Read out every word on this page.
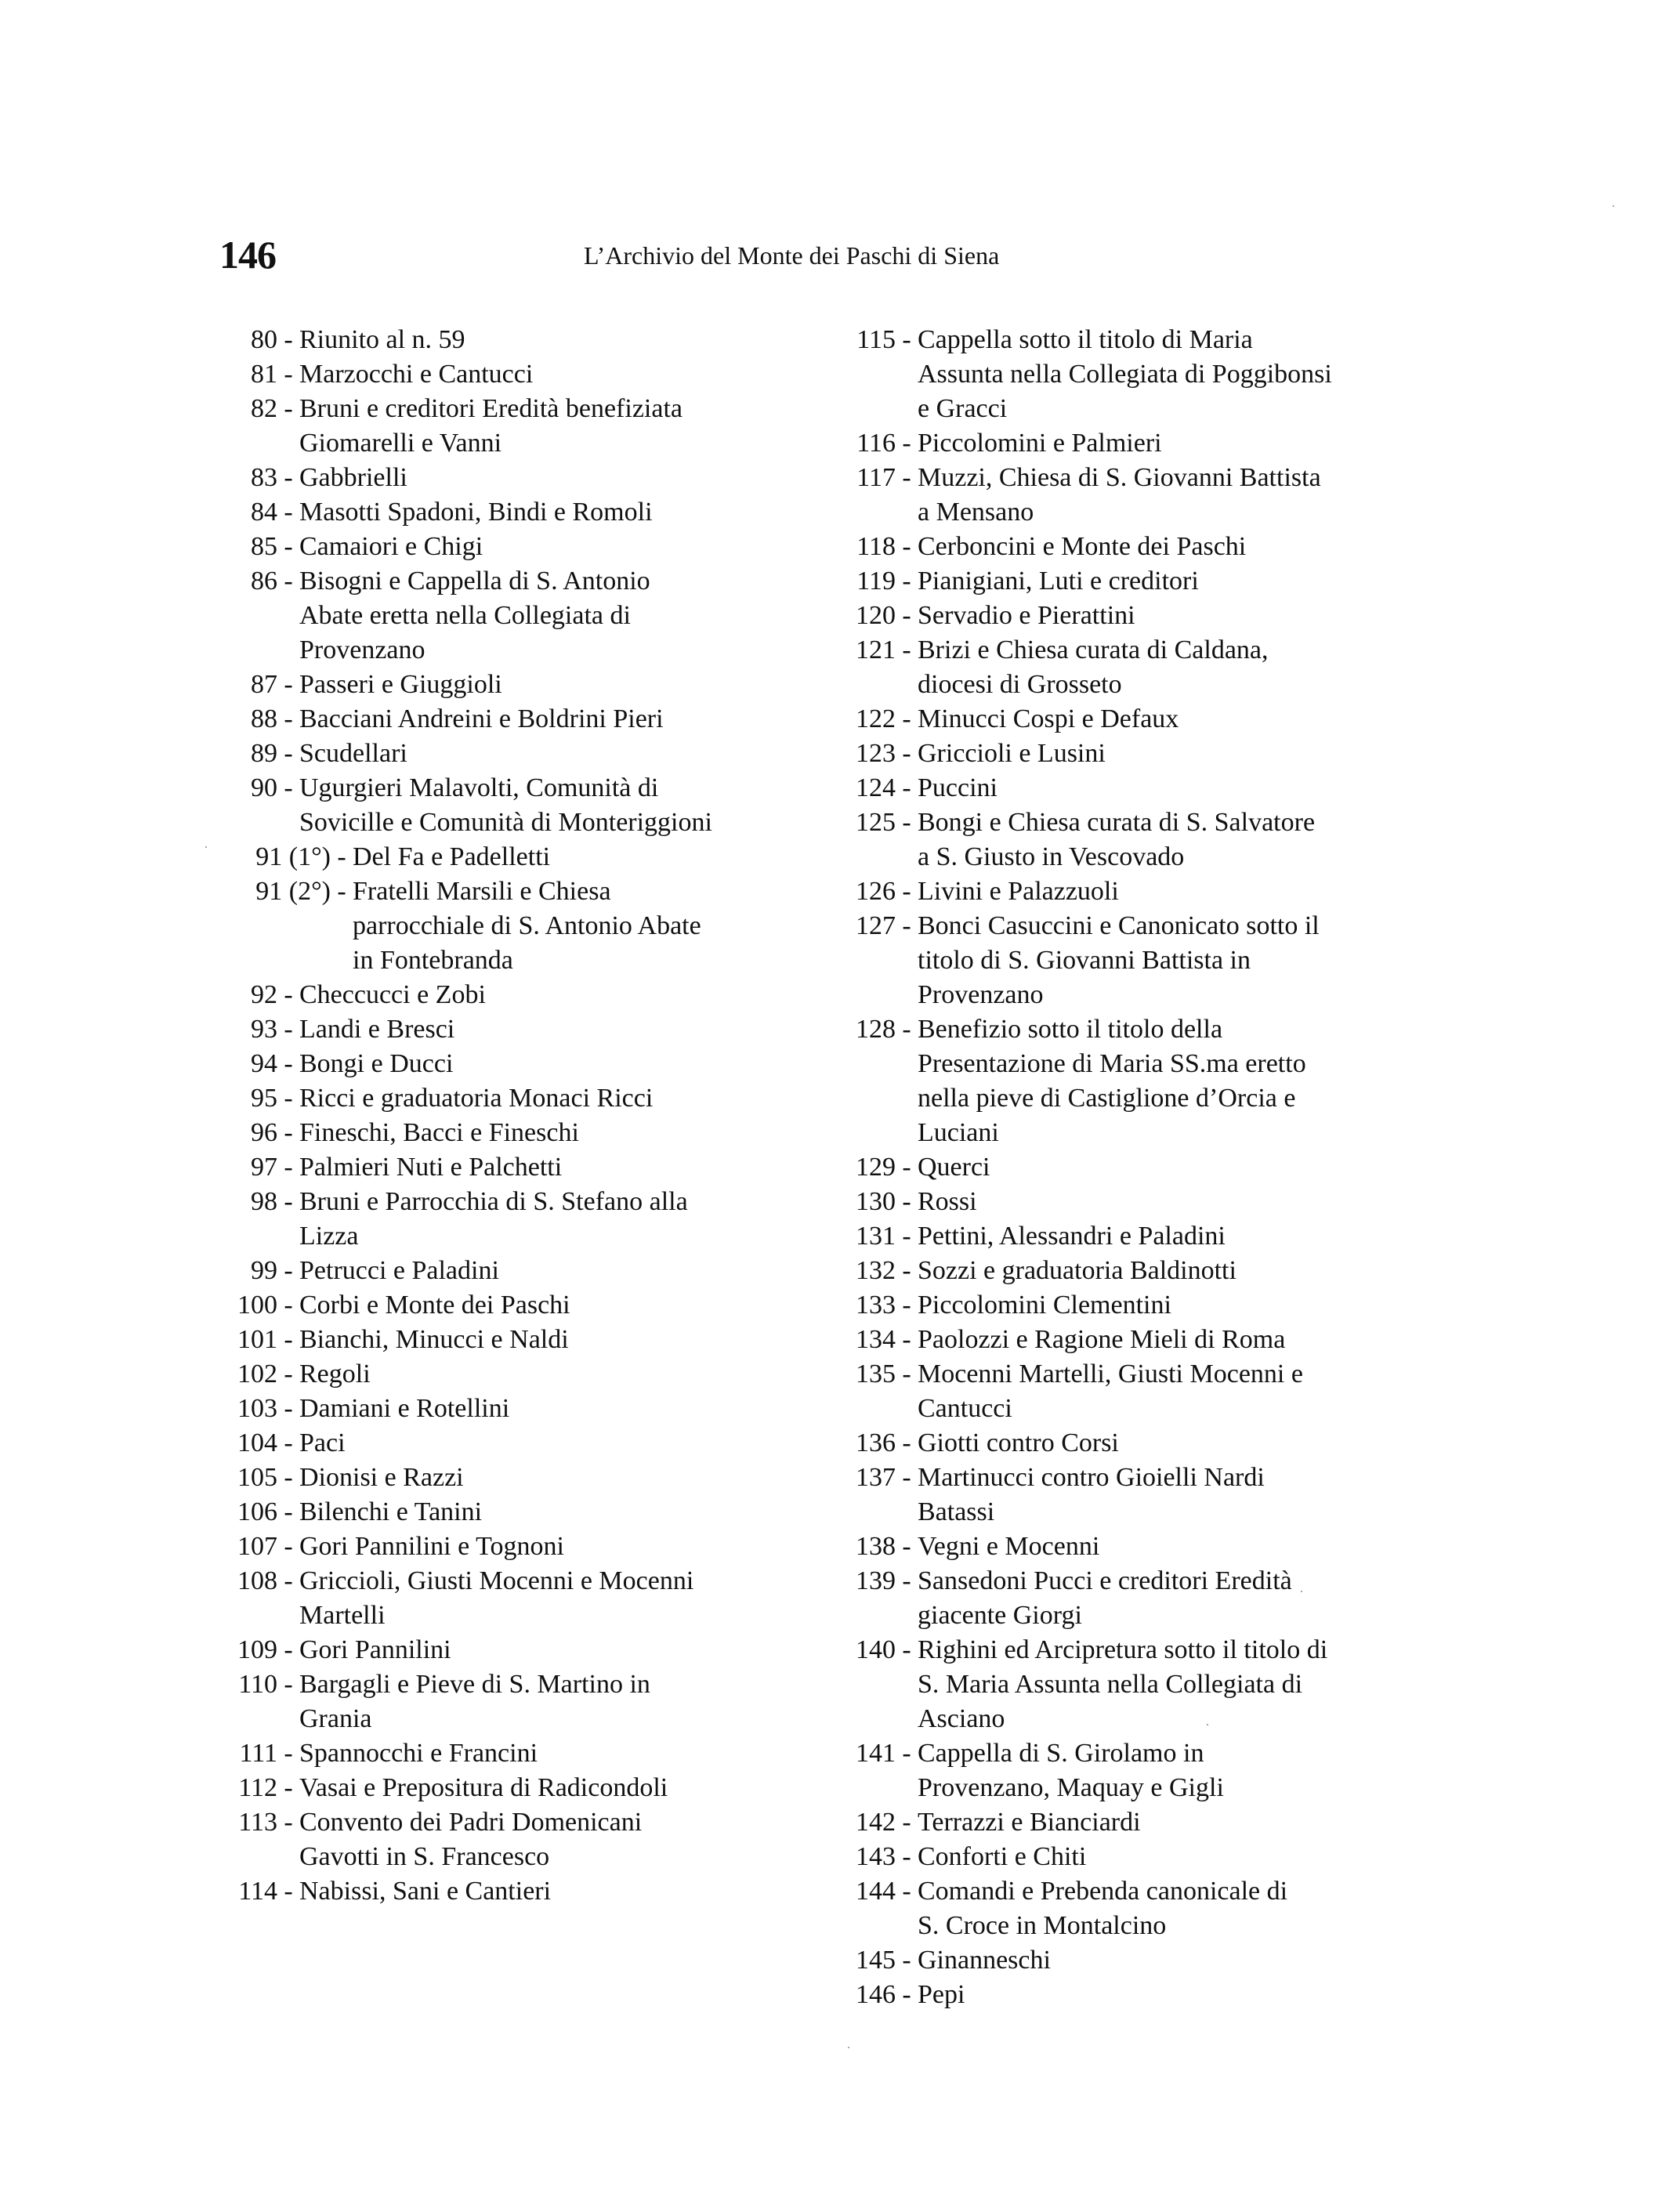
146	L’Archivio del Monte dei Paschi di Siena
80 - Riunito al n. 59
81 - Marzocchi e Cantucci
82 - Bruni e creditori Eredità benefiziata
Giomarelli e Vanni
83 - Gabbrielli
84 - Masotti Spadoni, Bindi e Romoli
85 - Camaiori e Chigi
86 - Bisogni e Cappella di S. Antonio
Abate eretta nella Collegiata di
Provenzano
87 - Passeri e Giuggioli
88 - Bacciani Andreini e Boldrini Pieri
89 - Scudellari
90 - Ugurgieri Malavolti, Comunità di
Sovicille e Comunità di Monteriggioni
91 (1°) - Del Fa e Padelletti
91 (2°) - Fratelli Marsili e Chiesa
parrocchiale di S. Antonio Abate
in Fontebranda
92 - Checcucci e Zobi
93 - Landi e Bresci
94 - Bongi e Ducci
95 - Ricci e graduatoria Monaci Ricci
96 - Fineschi, Bacci e Fineschi
97 - Palmieri Nuti e Palchetti
98 - Bruni e Parrocchia di S. Stefano alla
Lizza
99 - Petrucci e Paladini
100 - Corbi e Monte dei Paschi
101 - Bianchi, Minucci e Naldi
102 - Regoli
103 - Damiani e Rotellini
104 - Paci
105 - Dionisi e Razzi
106 - Bilenchi e Tanini
107 - Gori Pannilini e Tognoni
108 - Griccioli, Giusti Mocenni e Mocenni
Martelli
109 - Gori Pannilini
110 - Bargagli e Pieve di S. Martino in
Grania
111 - Spannocchi e Francini
112 - Vasai e Prepositura di Radicondoli
113 - Convento dei Padri Domenicani
Gavotti in S. Francesco
114 - Nabissi, Sani e Cantieri
115 - Cappella sotto il titolo di Maria
Assunta nella Collegiata di Poggibonsi
e Gracci
116 - Piccolomini e Palmieri
117 - Muzzi, Chiesa di S. Giovanni Battista
a Mensano
118 - Cerboncini e Monte dei Paschi
119 - Pianigiani, Luti e creditori
120 - Servadio e Pierattini
121 - Brizi e Chiesa curata di Caldana,
diocesi di Grosseto
122 - Minucci Cospi e Defaux
123 - Griccioli e Lusini
124 - Puccini
125 - Bongi e Chiesa curata di S. Salvatore
a S. Giusto in Vescovado
126 - Livini e Palazzuoli
127 - Bonci Casuccini e Canonicato sotto il
titolo di S. Giovanni Battista in
Provenzano
128 - Benefizio sotto il titolo della
Presentazione di Maria SS.ma eretto
nella pieve di Castiglione d’Orcia e
Luciani
129 - Querci
130 - Rossi
131 - Pettini, Alessandri e Paladini
132 - Sozzi e graduatoria Baldinotti
133 - Piccolomini Clementini
134 - Paolozzi e Ragione Mieli di Roma
135 - Mocenni Martelli, Giusti Mocenni e
Cantucci
136 - Giotti contro Corsi
137 - Martinucci contro Gioielli Nardi
Batassi
138 - Vegni e Mocenni
139 - Sansedoni Pucci e creditori Eredità
giacente Giorgi
140 - Righini ed Arcipretura sotto il titolo di
S. Maria Assunta nella Collegiata di
Asciano
141 - Cappella di S. Girolamo in
Provenzano, Maquay e Gigli
142 - Terrazzi e Bianciardi
143 - Conforti e Chiti
144 - Comandi e Prebenda canonicale di
S. Croce in Montalcino
145 - Ginanneschi
146 - Pepi
